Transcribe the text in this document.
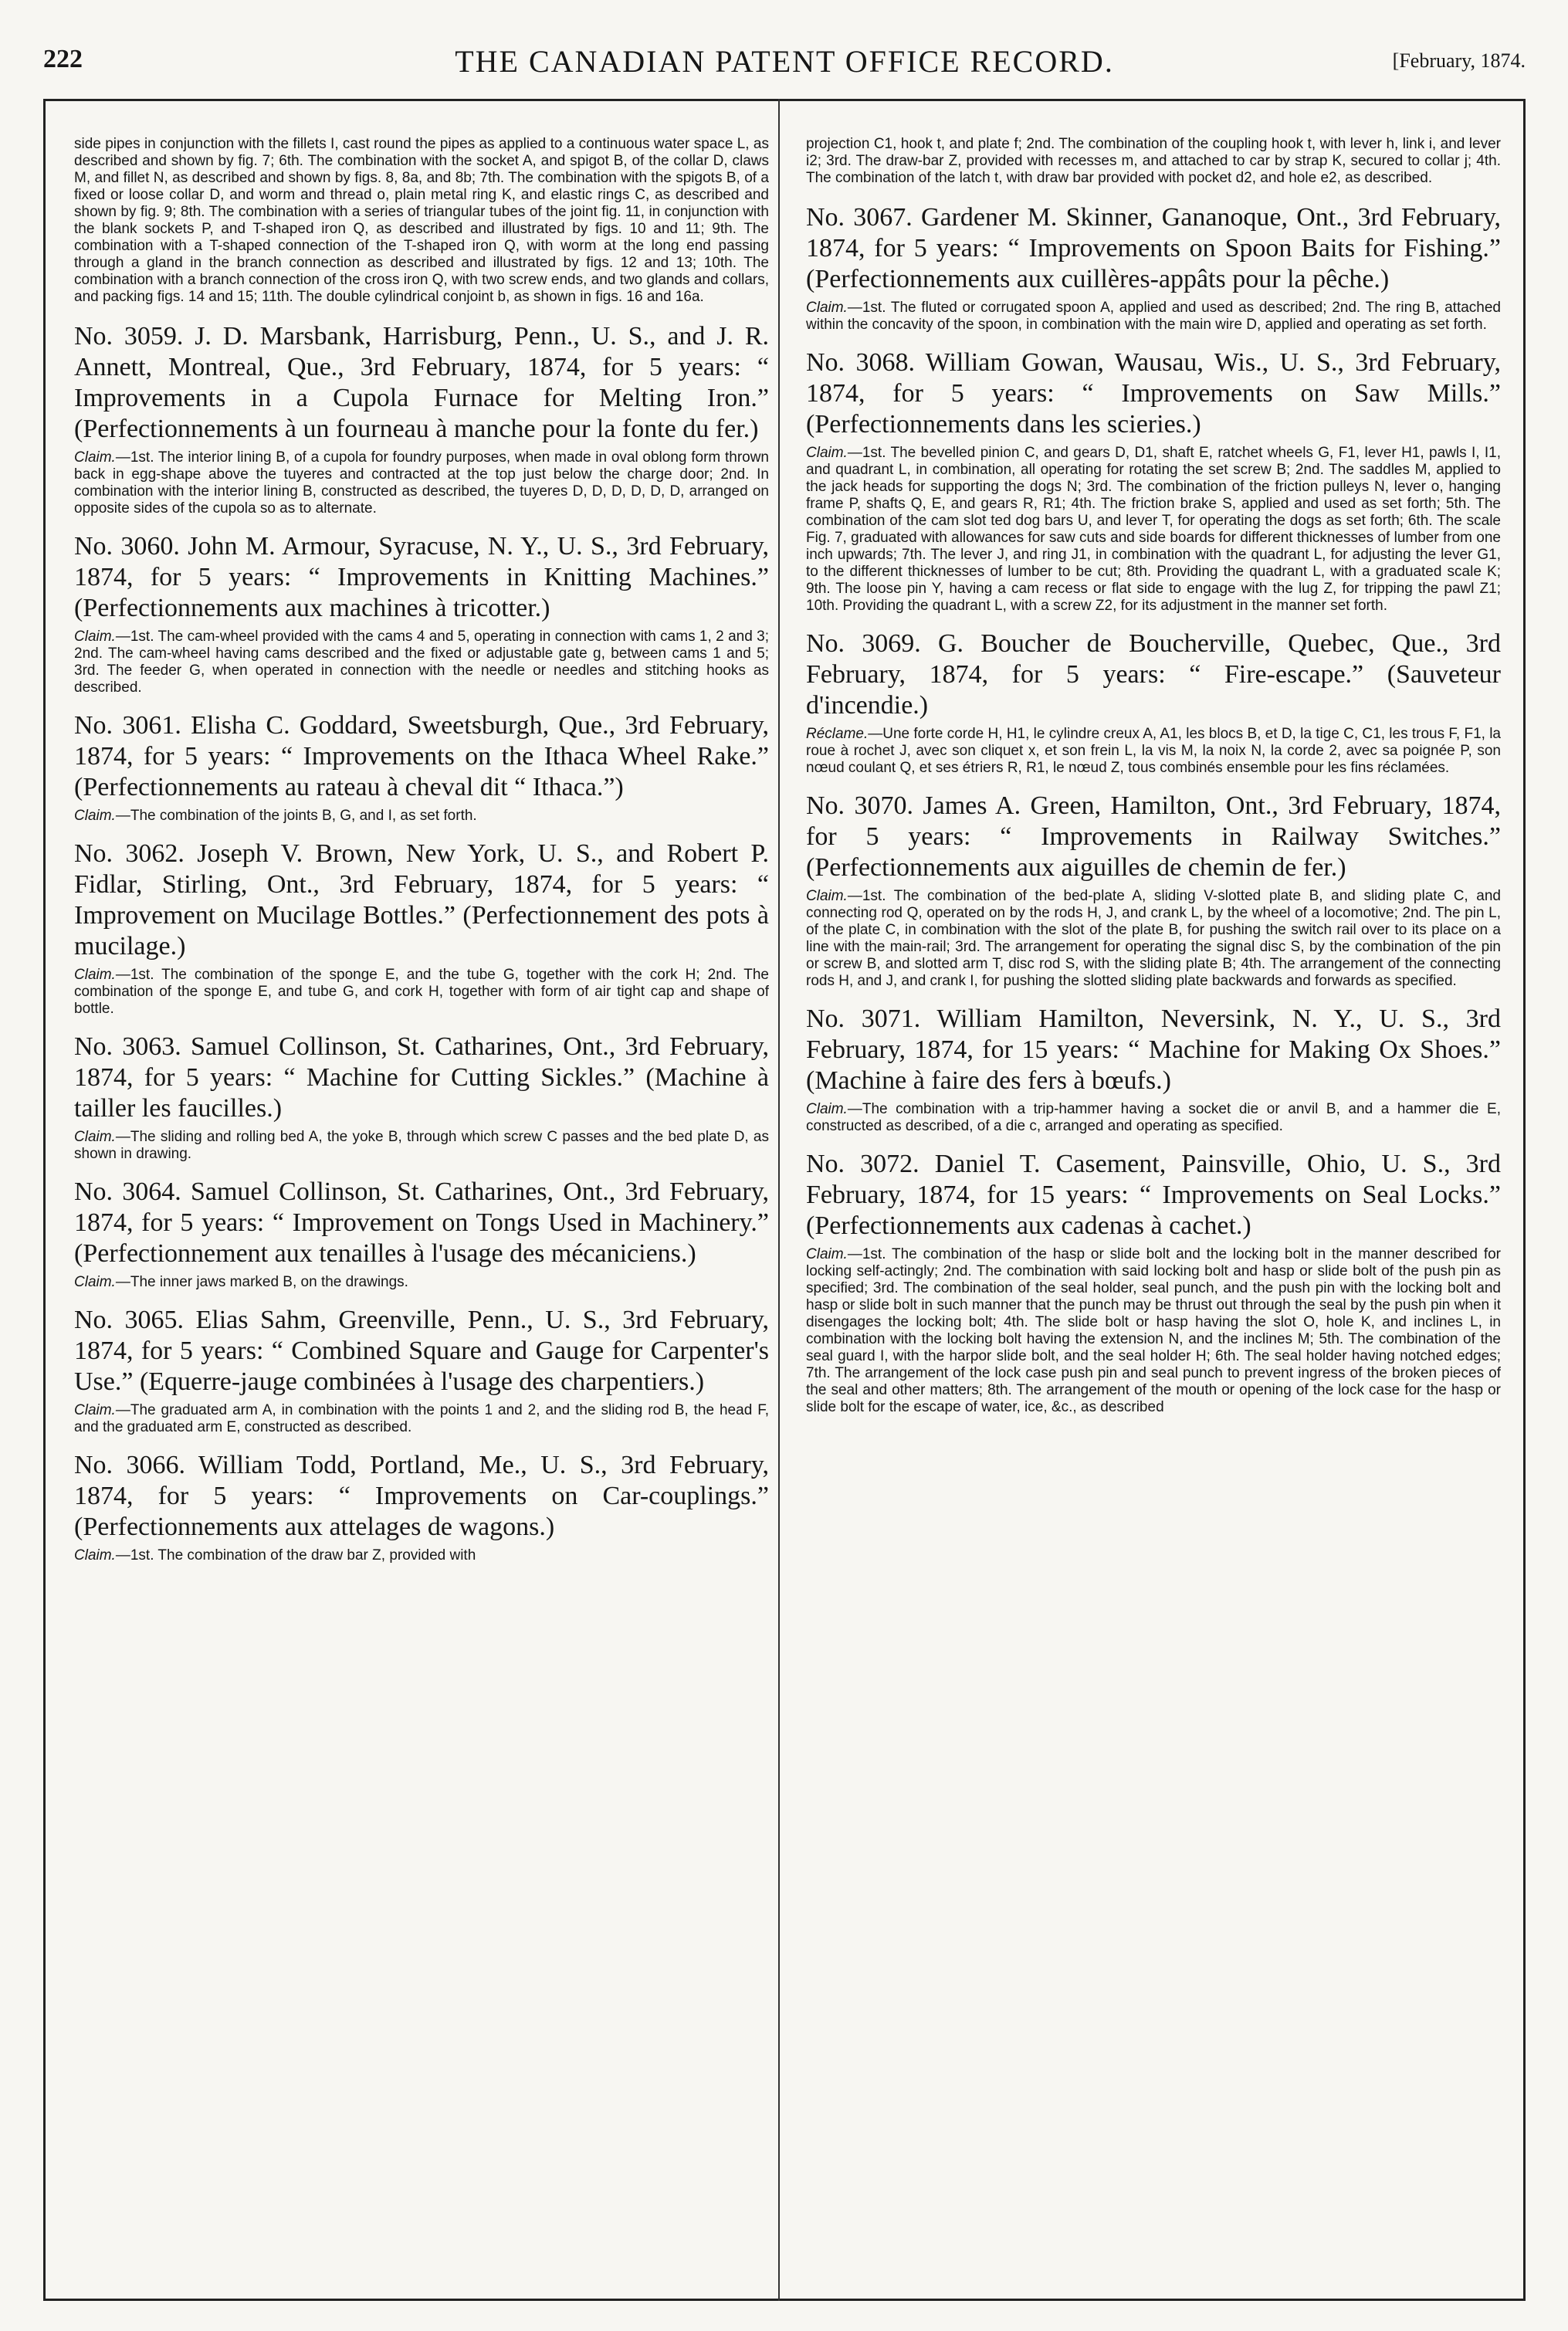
222	THE CANADIAN PATENT OFFICE RECORD.	[February, 1874.

side pipes in conjunction with the fillets I, cast round the pipes as applied to a continuous water space L, as described and shown by fig. 7; 6th. The combination with the socket A, and spigot B, of the collar D, claws M, and fillet N, as described and shown by figs. 8, 8a, and 8b; 7th. The combination with the spigots B, of a fixed or loose collar D, and worm and thread o, plain metal ring K, and elastic rings C, as described and shown by fig. 9; 8th. The combination with a series of triangular tubes of the joint fig. 11, in conjunction with the blank sockets P, and T-shaped iron Q, as described and illustrated by figs. 10 and 11; 9th. The combination with a T-shaped connection of the T-shaped iron Q, with worm at the long end passing through a gland in the branch connection as described and illustrated by figs. 12 and 13; 10th. The combination with a branch connection of the cross iron Q, with two screw ends, and two glands and collars, and packing figs. 14 and 15; 11th. The double cylindrical conjoint b, as shown in figs. 16 and 16a.

No. 3059. J. D. Marsbank, Harrisburg, Penn., U. S., and J. R. Annett, Montreal, Que., 3rd February, 1874, for 5 years: “ Improvements in a Cupola Furnace for Melting Iron.” (Perfectionnements à un fourneau à manche pour la fonte du fer.)

Claim.—1st. The interior lining B, of a cupola for foundry purposes, when made in oval oblong form thrown back in egg-shape above the tuyeres and contracted at the top just below the charge door; 2nd. In combination with the interior lining B, constructed as described, the tuyeres D, D, D, D, D, D, arranged on opposite sides of the cupola so as to alternate.

No. 3060. John M. Armour, Syracuse, N. Y., U. S., 3rd February, 1874, for 5 years: “ Improvements in Knitting Machines.” (Perfectionnements aux machines à tricotter.)

Claim.—1st. The cam-wheel provided with the cams 4 and 5, operating in connection with cams 1, 2 and 3; 2nd. The cam-wheel having cams described and the fixed or adjustable gate g, between cams 1 and 5; 3rd. The feeder G, when operated in connection with the needle or needles and stitching hooks as described.

No. 3061. Elisha C. Goddard, Sweetsburgh, Que., 3rd February, 1874, for 5 years: “ Improvements on the Ithaca Wheel Rake.” (Perfectionnements au rateau à cheval dit “ Ithaca.”)

Claim.—The combination of the joints B, G, and I, as set forth.

No. 3062. Joseph V. Brown, New York, U. S., and Robert P. Fidlar, Stirling, Ont., 3rd February, 1874, for 5 years: “ Improvement on Mucilage Bottles.” (Perfectionnement des pots à mucilage.)

Claim.—1st. The combination of the sponge E, and the tube G, together with the cork H; 2nd. The combination of the sponge E, and tube G, and cork H, together with form of air tight cap and shape of bottle.

No. 3063. Samuel Collinson, St. Catharines, Ont., 3rd February, 1874, for 5 years: “ Machine for Cutting Sickles.” (Machine à tailler les faucilles.)

Claim.—The sliding and rolling bed A, the yoke B, through which screw C passes and the bed plate D, as shown in drawing.

No. 3064. Samuel Collinson, St. Catharines, Ont., 3rd February, 1874, for 5 years: “ Improvement on Tongs Used in Machinery.” (Perfectionnement aux tenailles à l'usage des mécaniciens.)

Claim.—The inner jaws marked B, on the drawings.

No. 3065. Elias Sahm, Greenville, Penn., U. S., 3rd February, 1874, for 5 years: “ Combined Square and Gauge for Carpenter's Use.” (Equerre-jauge combinées à l'usage des charpentiers.)

Claim.—The graduated arm A, in combination with the points 1 and 2, and the sliding rod B, the head F, and the graduated arm E, constructed as described.

No. 3066. William Todd, Portland, Me., U. S., 3rd February, 1874, for 5 years: “ Improvements on Car-couplings.” (Perfectionnements aux attelages de wagons.)

Claim.—1st. The combination of the draw bar Z, provided with

projection C1, hook t, and plate f; 2nd. The combination of the coupling hook t, with lever h, link i, and lever i2; 3rd. The draw-bar Z, provided with recesses m, and attached to car by strap K, secured to collar j; 4th. The combination of the latch t, with draw bar provided with pocket d2, and hole e2, as described.

No. 3067. Gardener M. Skinner, Gananoque, Ont., 3rd February, 1874, for 5 years: “ Improvements on Spoon Baits for Fishing.” (Perfectionnements aux cuillères-appâts pour la pêche.)

Claim.—1st. The fluted or corrugated spoon A, applied and used as described; 2nd. The ring B, attached within the concavity of the spoon, in combination with the main wire D, applied and operating as set forth.

No. 3068. William Gowan, Wausau, Wis., U. S., 3rd February, 1874, for 5 years: “ Improvements on Saw Mills.” (Perfectionnements dans les scieries.)

Claim.—1st. The bevelled pinion C, and gears D, D1, shaft E, ratchet wheels G, F1, lever H1, pawls I, I1, and quadrant L, in combination, all operating for rotating the set screw B; 2nd. The saddles M, applied to the jack heads for supporting the dogs N; 3rd. The combination of the friction pulleys N, lever o, hanging frame P, shafts Q, E, and gears R, R1; 4th. The friction brake S, applied and used as set forth; 5th. The combination of the cam slot ted dog bars U, and lever T, for operating the dogs as set forth; 6th. The scale Fig. 7, graduated with allowances for saw cuts and side boards for different thicknesses of lumber from one inch upwards; 7th. The lever J, and ring J1, in combination with the quadrant L, for adjusting the lever G1, to the different thicknesses of lumber to be cut; 8th. Providing the quadrant L, with a graduated scale K; 9th. The loose pin Y, having a cam recess or flat side to engage with the lug Z, for tripping the pawl Z1; 10th. Providing the quadrant L, with a screw Z2, for its adjustment in the manner set forth.

No. 3069. G. Boucher de Boucherville, Quebec, Que., 3rd February, 1874, for 5 years: “ Fire-escape.” (Sauveteur d'incendie.)

Réclame.—Une forte corde H, H1, le cylindre creux A, A1, les blocs B, et D, la tige C, C1, les trous F, F1, la roue à rochet J, avec son cliquet x, et son frein L, la vis M, la noix N, la corde 2, avec sa poignée P, son nœud coulant Q, et ses étriers R, R1, le nœud Z, tous combinés ensemble pour les fins réclamées.

No. 3070. James A. Green, Hamilton, Ont., 3rd February, 1874, for 5 years: “ Improvements in Railway Switches.” (Perfectionnements aux aiguilles de chemin de fer.)

Claim.—1st. The combination of the bed-plate A, sliding V-slotted plate B, and sliding plate C, and connecting rod Q, operated on by the rods H, J, and crank L, by the wheel of a locomotive; 2nd. The pin L, of the plate C, in combination with the slot of the plate B, for pushing the switch rail over to its place on a line with the main-rail; 3rd. The arrangement for operating the signal disc S, by the combination of the pin or screw B, and slotted arm T, disc rod S, with the sliding plate B; 4th. The arrangement of the connecting rods H, and J, and crank I, for pushing the slotted sliding plate backwards and forwards as specified.

No. 3071. William Hamilton, Neversink, N. Y., U. S., 3rd February, 1874, for 15 years: “ Machine for Making Ox Shoes.” (Machine à faire des fers à bœufs.)

Claim.—The combination with a trip-hammer having a socket die or anvil B, and a hammer die E, constructed as described, of a die c, arranged and operating as specified.

No. 3072. Daniel T. Casement, Painsville, Ohio, U. S., 3rd February, 1874, for 15 years: “ Improvements on Seal Locks.” (Perfectionnements aux cadenas à cachet.)

Claim.—1st. The combination of the hasp or slide bolt and the locking bolt in the manner described for locking self-actingly; 2nd. The combination with said locking bolt and hasp or slide bolt of the push pin as specified; 3rd. The combination of the seal holder, seal punch, and the push pin with the locking bolt and hasp or slide bolt in such manner that the punch may be thrust out through the seal by the push pin when it disengages the locking bolt; 4th. The slide bolt or hasp having the slot O, hole K, and inclines L, in combination with the locking bolt having the extension N, and the inclines M; 5th. The combination of the seal guard I, with the harpor slide bolt, and the seal holder H; 6th. The seal holder having notched edges; 7th. The arrangement of the lock case push pin and seal punch to prevent ingress of the broken pieces of the seal and other matters; 8th. The arrangement of the mouth or opening of the lock case for the hasp or slide bolt for the escape of water, ice, &c., as described
